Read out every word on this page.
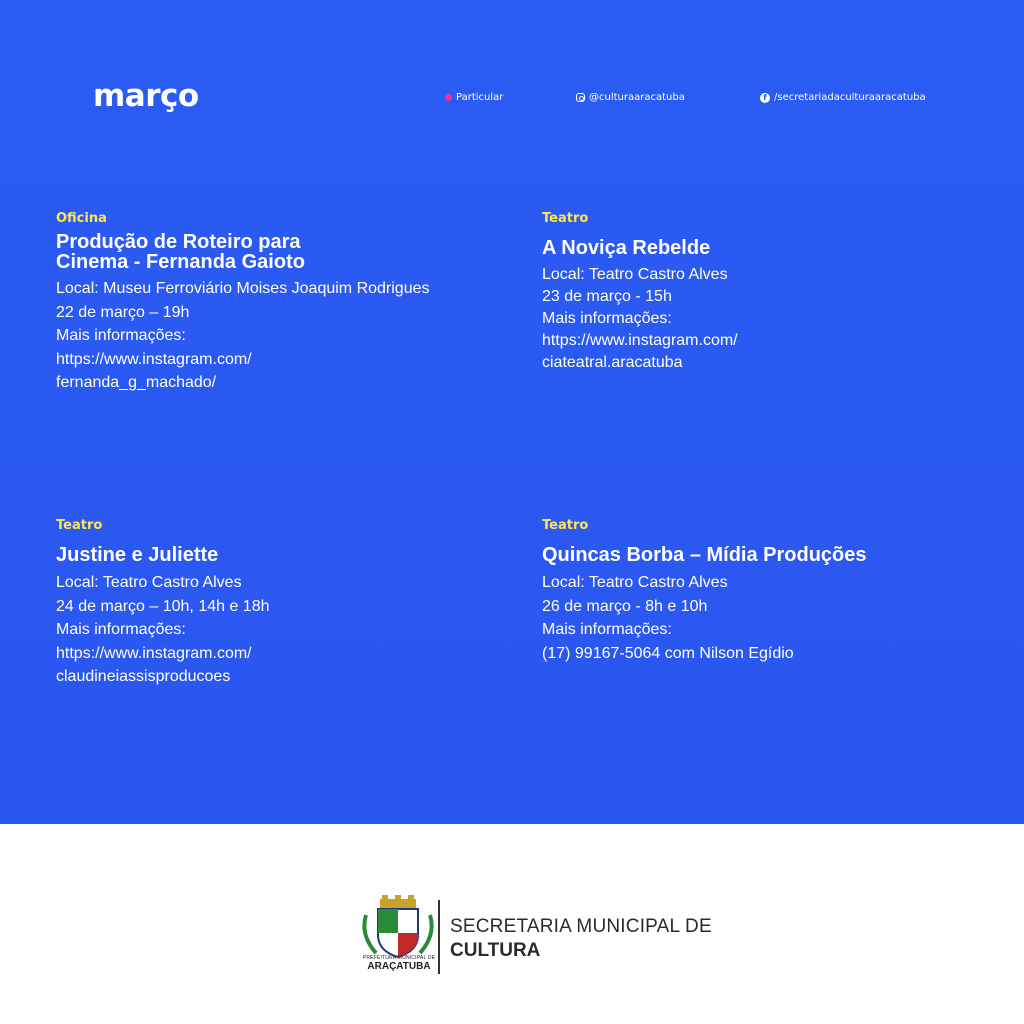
março	Particular	@culturaaracatuba	f /secretariadaculturaaracatuba

Oficina

Produção de Roteiro para

Cinema - Fernanda Gaioto

Local: Museu Ferroviário Moises Joaquim Rodrigues

22 de março – 19h

Mais informações:

https://www.instagram.com/

fernanda_g_machado/

Teatro

A Noviça Rebelde

Local: Teatro Castro Alves

23 de março - 15h

Mais informações:

https://www.instagram.com/

ciateatral.aracatuba

Teatro

Justine e Juliette

Local: Teatro Castro Alves

24 de março – 10h, 14h e 18h

Mais informações:

https://www.instagram.com/

claudineiassisproducoes

Teatro

Quincas Borba – Mídia Produções

Local: Teatro Castro Alves

26 de março - 8h e 10h

Mais informações:

(17) 99167-5064 com Nilson Egídio

PREFEITURA MUNICIPAL DE
ARAÇATUBA
SECRETARIA MUNICIPAL DE
CULTURA
